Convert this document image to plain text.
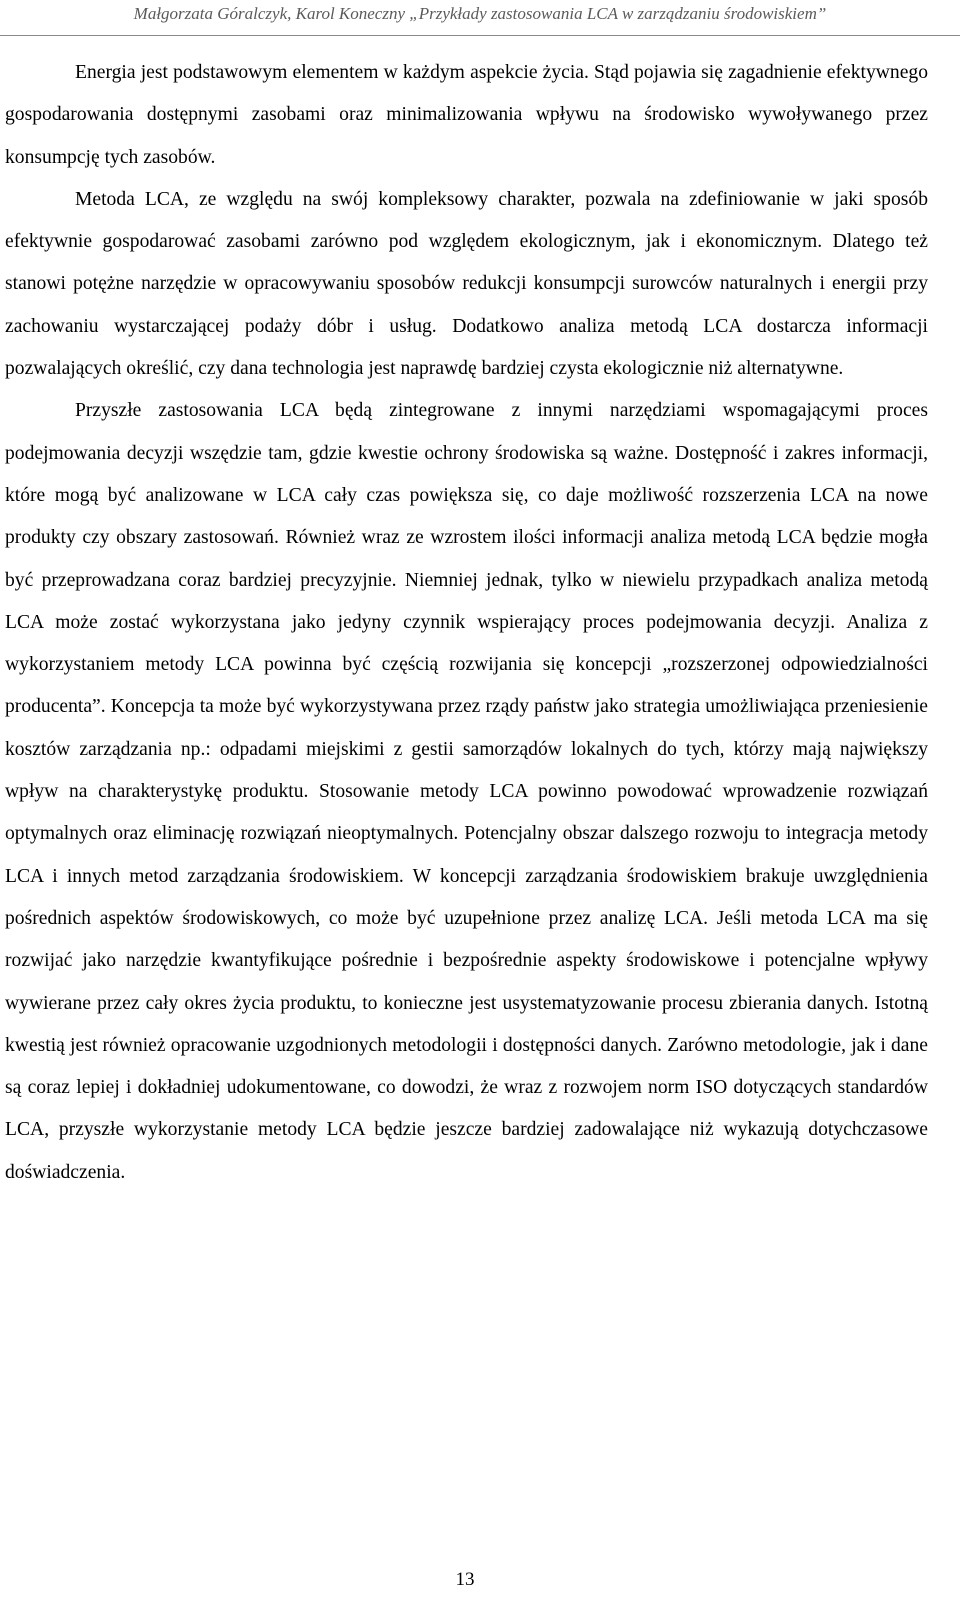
Małgorzata Góralczyk, Karol Koneczny „Przykłady zastosowania LCA w zarządzaniu środowiskiem”

Energia jest podstawowym elementem w każdym aspekcie życia. Stąd pojawia się zagadnienie efektywnego gospodarowania dostępnymi zasobami oraz minimalizowania wpływu na środowisko wywoływanego przez konsumpcję tych zasobów.

Metoda LCA, ze względu na swój kompleksowy charakter, pozwala na zdefiniowanie w jaki sposób efektywnie gospodarować zasobami zarówno pod względem ekologicznym, jak i ekonomicznym. Dlatego też stanowi potężne narzędzie w opracowywaniu sposobów redukcji konsumpcji surowców naturalnych i energii przy zachowaniu wystarczającej podaży dóbr i usług. Dodatkowo analiza metodą LCA dostarcza informacji pozwalających określić, czy dana technologia jest naprawdę bardziej czysta ekologicznie niż alternatywne.

Przyszłe zastosowania LCA będą zintegrowane z innymi narzędziami wspomagającymi proces podejmowania decyzji wszędzie tam, gdzie kwestie ochrony środowiska są ważne. Dostępność i zakres informacji, które mogą być analizowane w LCA cały czas powiększa się, co daje możliwość rozszerzenia LCA na nowe produkty czy obszary zastosowań. Również wraz ze wzrostem ilości informacji analiza metodą LCA będzie mogła być przeprowadzana coraz bardziej precyzyjnie. Niemniej jednak, tylko w niewielu przypadkach analiza metodą LCA może zostać wykorzystana jako jedyny czynnik wspierający proces podejmowania decyzji. Analiza z wykorzystaniem metody LCA powinna być częścią rozwijania się koncepcji „rozszerzonej odpowiedzialności producenta”. Koncepcja ta może być wykorzystywana przez rządy państw jako strategia umożliwiająca przeniesienie kosztów zarządzania np.: odpadami miejskimi z gestii samorządów lokalnych do tych, którzy mają największy wpływ na charakterystykę produktu. Stosowanie metody LCA powinno powodować wprowadzenie rozwiązań optymalnych oraz eliminację rozwiązań nieoptymalnych. Potencjalny obszar dalszego rozwoju to integracja metody LCA i innych metod zarządzania środowiskiem. W koncepcji zarządzania środowiskiem brakuje uwzględnienia pośrednich aspektów środowiskowych, co może być uzupełnione przez analizę LCA. Jeśli metoda LCA ma się rozwijać jako narzędzie kwantyfikujące pośrednie i bezpośrednie aspekty środowiskowe i potencjalne wpływy wywierane przez cały okres życia produktu, to konieczne jest usystematyzowanie procesu zbierania danych. Istotną kwestią jest również opracowanie uzgodnionych metodologii i dostępności danych. Zarówno metodologie, jak i dane są coraz lepiej i dokładniej udokumentowane, co dowodzi, że wraz z rozwojem norm ISO dotyczących standardów LCA, przyszłe wykorzystanie metody LCA będzie jeszcze bardziej zadowalające niż wykazują dotychczasowe doświadczenia.

13
